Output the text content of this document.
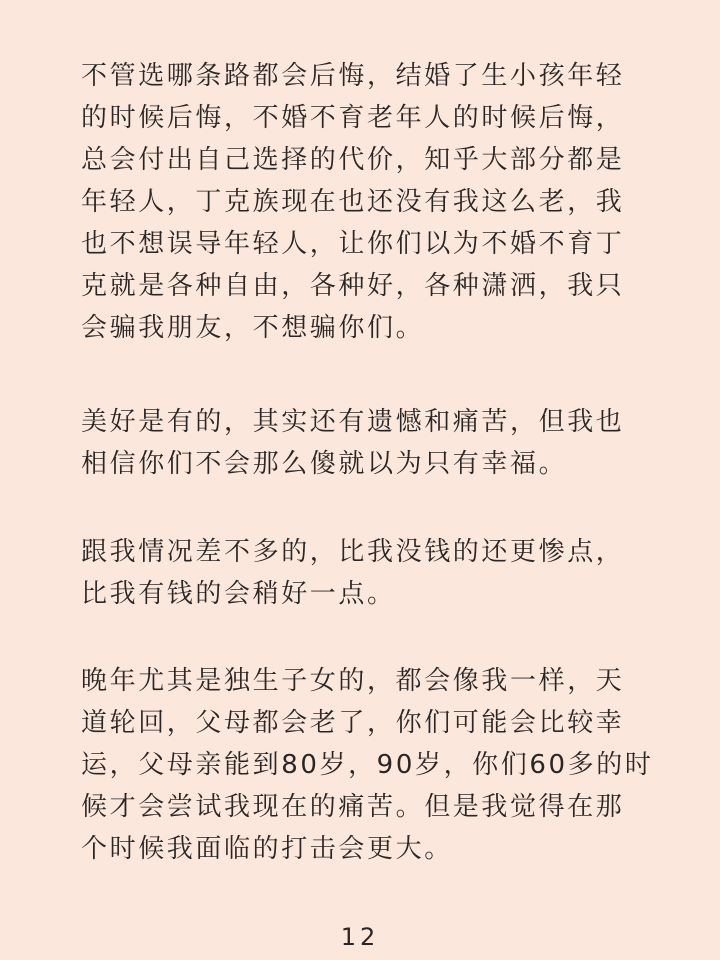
不管选哪条路都会后悔，结婚了生小孩年轻
的时候后悔，不婚不育老年人的时候后悔，
总会付出自己选择的代价，知乎大部分都是
年轻人，丁克族现在也还没有我这么老，我
也不想误导年轻人，让你们以为不婚不育丁
克就是各种自由，各种好，各种潇洒，我只
会骗我朋友，不想骗你们。
美好是有的，其实还有遗憾和痛苦，但我也
相信你们不会那么傻就以为只有幸福。
跟我情况差不多的，比我没钱的还更惨点，
比我有钱的会稍好一点。
晚年尤其是独生子女的，都会像我一样，天
道轮回，父母都会老了，你们可能会比较幸
运，父母亲能到80岁，90岁，你们60多的时
候才会尝试我现在的痛苦。但是我觉得在那
个时候我面临的打击会更大。
12
